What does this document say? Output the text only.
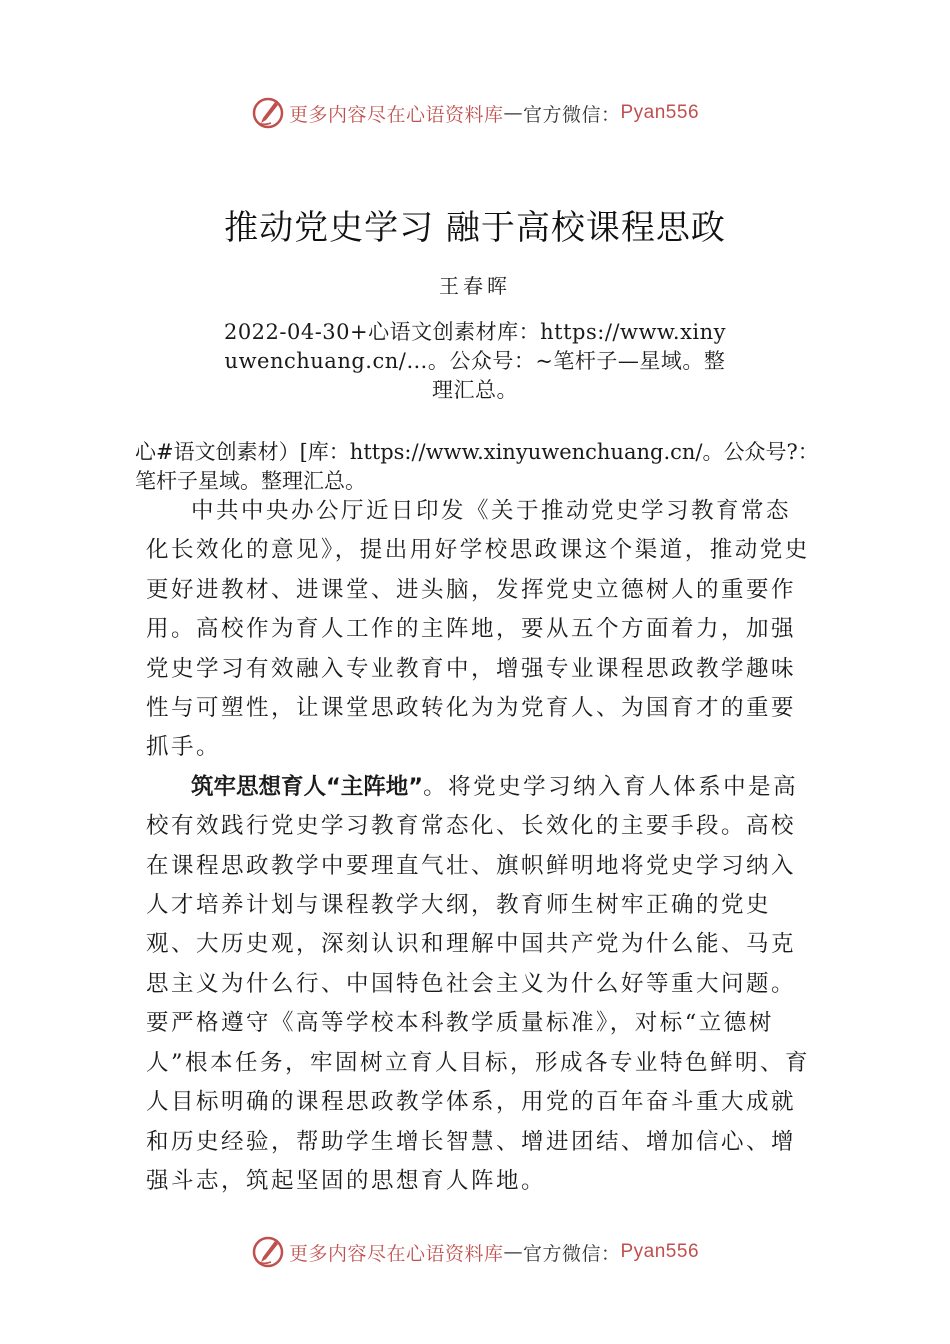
更多内容尽在心语资料库 — 官方微信： Pyan556
推动党史学习 融于高校课程思政
王春晖
2022-04-30+心语文创素材库：https://www.xinyuwenchuang.cn/…。公众号：~笔杆子—星域。整理汇总。
心#语文创素材）[库：https://www.xinyuwenchuang.cn/。公众号?：笔杆子星域。整理汇总。

中共中央办公厅近日印发《关于推动党史学习教育常态化长效化的意见》，提出用好学校思政课这个渠道，推动党史更好进教材、进课堂、进头脑，发挥党史立德树人的重要作用。高校作为育人工作的主阵地，要从五个方面着力，加强党史学习有效融入专业教育中，增强专业课程思政教学趣味性与可塑性，让课堂思政转化为为党育人、为国育才的重要抓手。

筑牢思想育人“主阵地”。将党史学习纳入育人体系中是高校有效践行党史学习教育常态化、长效化的主要手段。高校在课程思政教学中要理直气壮、旗帜鲜明地将党史学习纳入人才培养计划与课程教学大纲，教育师生树牢正确的党史观、大历史观，深刻认识和理解中国共产党为什么能、马克思主义为什么行、中国特色社会主义为什么好等重大问题。要严格遵守《高等学校本科教学质量标准》，对标“立德树人”根本任务，牢固树立育人目标，形成各专业特色鲜明、育人目标明确的课程思政教学体系，用党的百年奋斗重大成就和历史经验，帮助学生增长智慧、增进团结、增加信心、增强斗志，筑起坚固的思想育人阵地。

更多内容尽在心语资料库 — 官方微信： Pyan556
